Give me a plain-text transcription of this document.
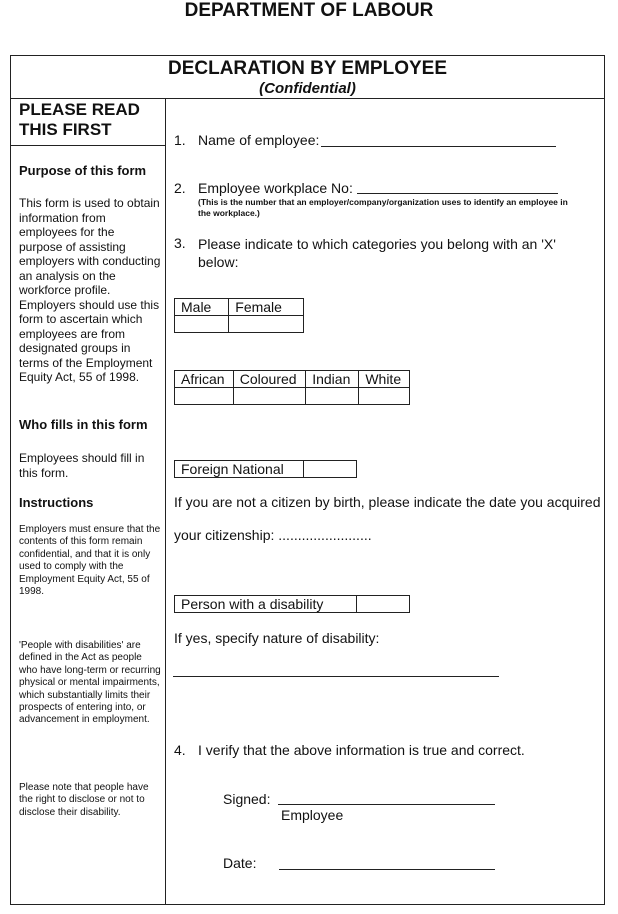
DEPARTMENT OF LABOUR
DECLARATION BY EMPLOYEE
(Confidential)
PLEASE READ THIS FIRST
Purpose of this form
This form is used to obtain information from employees for the purpose of assisting employers with conducting an analysis on the workforce profile. Employers should use this form to ascertain which employees are from designated groups in terms of the Employment Equity Act, 55 of 1998.
Who fills in this form
Employees should fill in this form.
Instructions
Employers must ensure that the contents of this form remain confidential, and that it is only used to comply with the Employment Equity Act, 55 of 1998.
'People with disabilities' are defined in the Act as people who have long-term or recurring physical or mental impairments, which substantially limits their prospects of entering into, or advancement in employment.
Please note that people have the right to disclose or not to disclose their disability.
1. Name of employee:
2. Employee workplace No:
(This is the number that an employer/company/organization uses to identify an employee in the workplace.)
3. Please indicate to which categories you belong with an 'X' below:
Male	Female

African	Coloured	Indian	White

Foreign National	
If you are not a citizen by birth, please indicate the date you acquired
your citizenship: ........................
Person with a disability	
If yes, specify nature of disability:
4. I verify that the above information is true and correct.
Signed:
Employee
Date:
